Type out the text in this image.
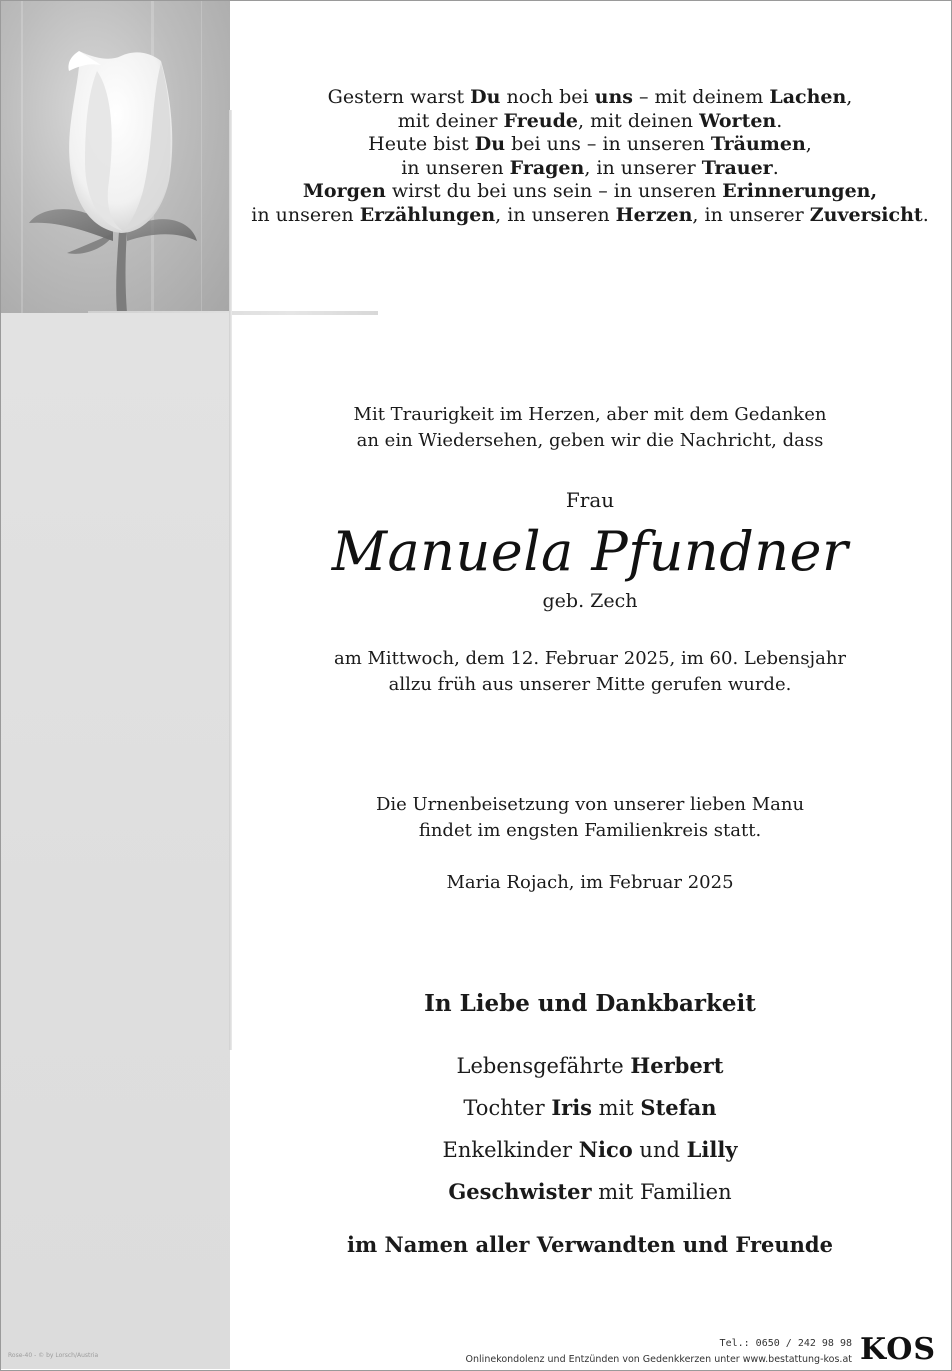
Rose-40 - © by Lorsch/Austria
Gestern warst Du noch bei uns – mit deinem Lachen,
mit deiner Freude, mit deinen Worten.
Heute bist Du bei uns – in unseren Träumen,
in unseren Fragen, in unserer Trauer.
Morgen wirst du bei uns sein – in unseren Erinnerungen,
in unseren Erzählungen, in unseren Herzen, in unserer Zuversicht.
Mit Traurigkeit im Herzen, aber mit dem Gedanken
an ein Wiedersehen, geben wir die Nachricht, dass
Frau
Manuela Pfundner
geb. Zech
am Mittwoch, dem 12. Februar 2025, im 60. Lebensjahr
allzu früh aus unserer Mitte gerufen wurde.
Die Urnenbeisetzung von unserer lieben Manu
findet im engsten Familienkreis statt.
Maria Rojach, im Februar 2025
In Liebe und Dankbarkeit
Lebensgefährte Herbert
Tochter Iris mit Stefan
Enkelkinder Nico und Lilly
Geschwister mit Familien
im Namen aller Verwandten und Freunde
Tel.: 0650 / 242 98 98
Onlinekondolenz und Entzünden von Gedenkkerzen unter www.bestattung-kos.at KOS
